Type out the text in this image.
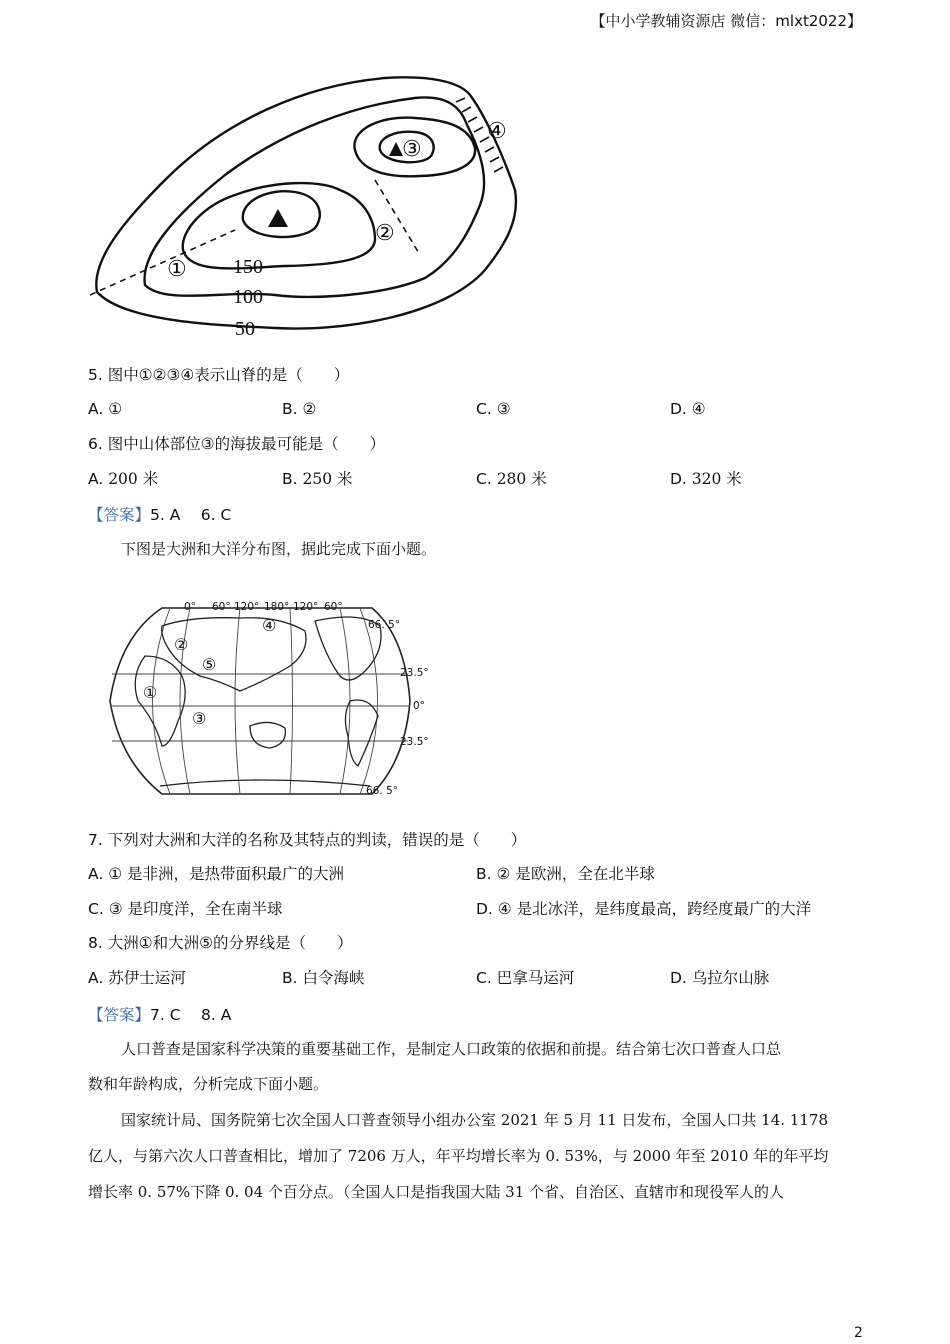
【中小学教辅资源店 微信：mlxt2022】
①
②
③
④
150
100
50
5. 图中①②③④表示山脊的是（　　）
A. ①	B. ②	C. ③	D. ④
6. 图中山体部位③的海拔最可能是（　　）
A. 200 米	B. 250 米	C. 280 米	D. 320 米
【答案】5. A　 6. C
下图是大洲和大洋分布图，据此完成下面小题。
0° 60° 120° 180° 120° 60°
66. 5°
23.5°
0°
23.5°
66. 5°
①
②
③
④
⑤
7. 下列对大洲和大洋的名称及其特点的判读，错误的是（　　）
A. ① 是非洲，是热带面积最广的大洲	B. ② 是欧洲，全在北半球
C. ③ 是印度洋，全在南半球	D. ④ 是北冰洋，是纬度最高，跨经度最广的大洋
8. 大洲①和大洲⑤的分界线是（　　）
A. 苏伊士运河	B. 白令海峡	C. 巴拿马运河	D. 乌拉尔山脉
【答案】7. C　 8. A
人口普查是国家科学决策的重要基础工作，是制定人口政策的依据和前提。结合第七次口普查人口总
数和年龄构成，分析完成下面小题。
国家统计局、国务院第七次全国人口普查领导小组办公室 2021 年 5 月 11 日发布，全国人口共 14. 1178
亿人，与第六次人口普查相比，增加了 7206 万人，年平均增长率为 0. 53%，与 2000 年至 2010 年的年平均
增长率 0. 57%下降 0. 04 个百分点。（全国人口是指我国大陆 31 个省、自治区、直辖市和现役军人的人
2
